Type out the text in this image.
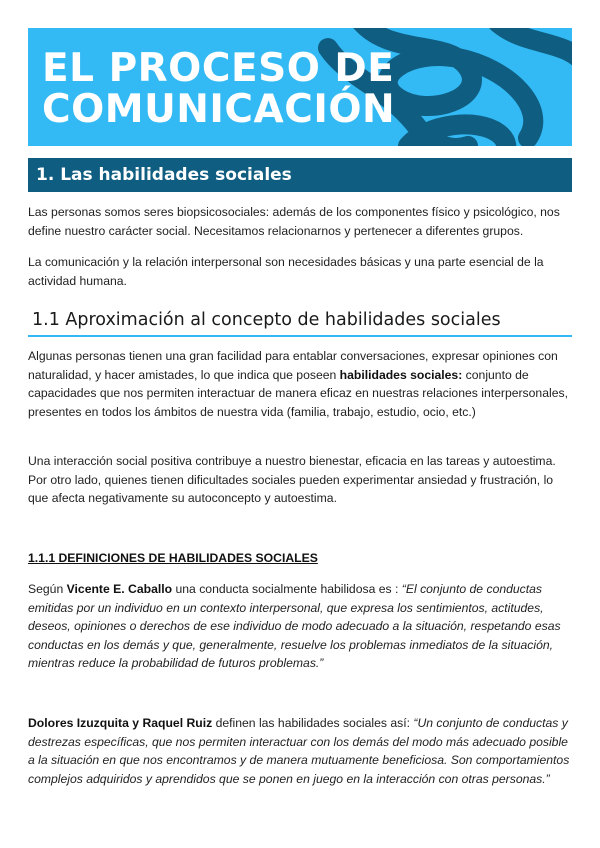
EL PROCESO DE
COMUNICACIÓN
1. Las habilidades sociales

Las personas somos seres biopsicosociales: además de los componentes físico y psicológico, nos define nuestro carácter social. Necesitamos relacionarnos y pertenecer a diferentes grupos.

La comunicación y la relación interpersonal son necesidades básicas y una parte esencial de la actividad humana.

1.1 Aproximación al concepto de habilidades sociales

Algunas personas tienen una gran facilidad para entablar conversaciones, expresar opiniones con naturalidad, y hacer amistades, lo que indica que poseen habilidades sociales: conjunto de capacidades que nos permiten interactuar de manera eficaz en nuestras relaciones interpersonales, presentes en todos los ámbitos de nuestra vida (familia, trabajo, estudio, ocio, etc.)

Una interacción social positiva contribuye a nuestro bienestar, eficacia en las tareas y autoestima. Por otro lado, quienes tienen dificultades sociales pueden experimentar ansiedad y frustración, lo que afecta negativamente su autoconcepto y autoestima.

1.1.1 DEFINICIONES DE HABILIDADES SOCIALES

Según Vicente E. Caballo una conducta socialmente habilidosa es : “El conjunto de conductas emitidas por un individuo en un contexto interpersonal, que expresa los sentimientos, actitudes, deseos, opiniones o derechos de ese individuo de modo adecuado a la situación, respetando esas conductas en los demás y que, generalmente, resuelve los problemas inmediatos de la situación, mientras reduce la probabilidad de futuros problemas.”

Dolores Izuzquita y Raquel Ruiz definen las habilidades sociales así: “Un conjunto de conductas y destrezas específicas, que nos permiten interactuar con los demás del modo más adecuado posible a la situación en que nos encontramos y de manera mutuamente beneficiosa. Son comportamientos complejos adquiridos y aprendidos que se ponen en juego en la interacción con otras personas.”
